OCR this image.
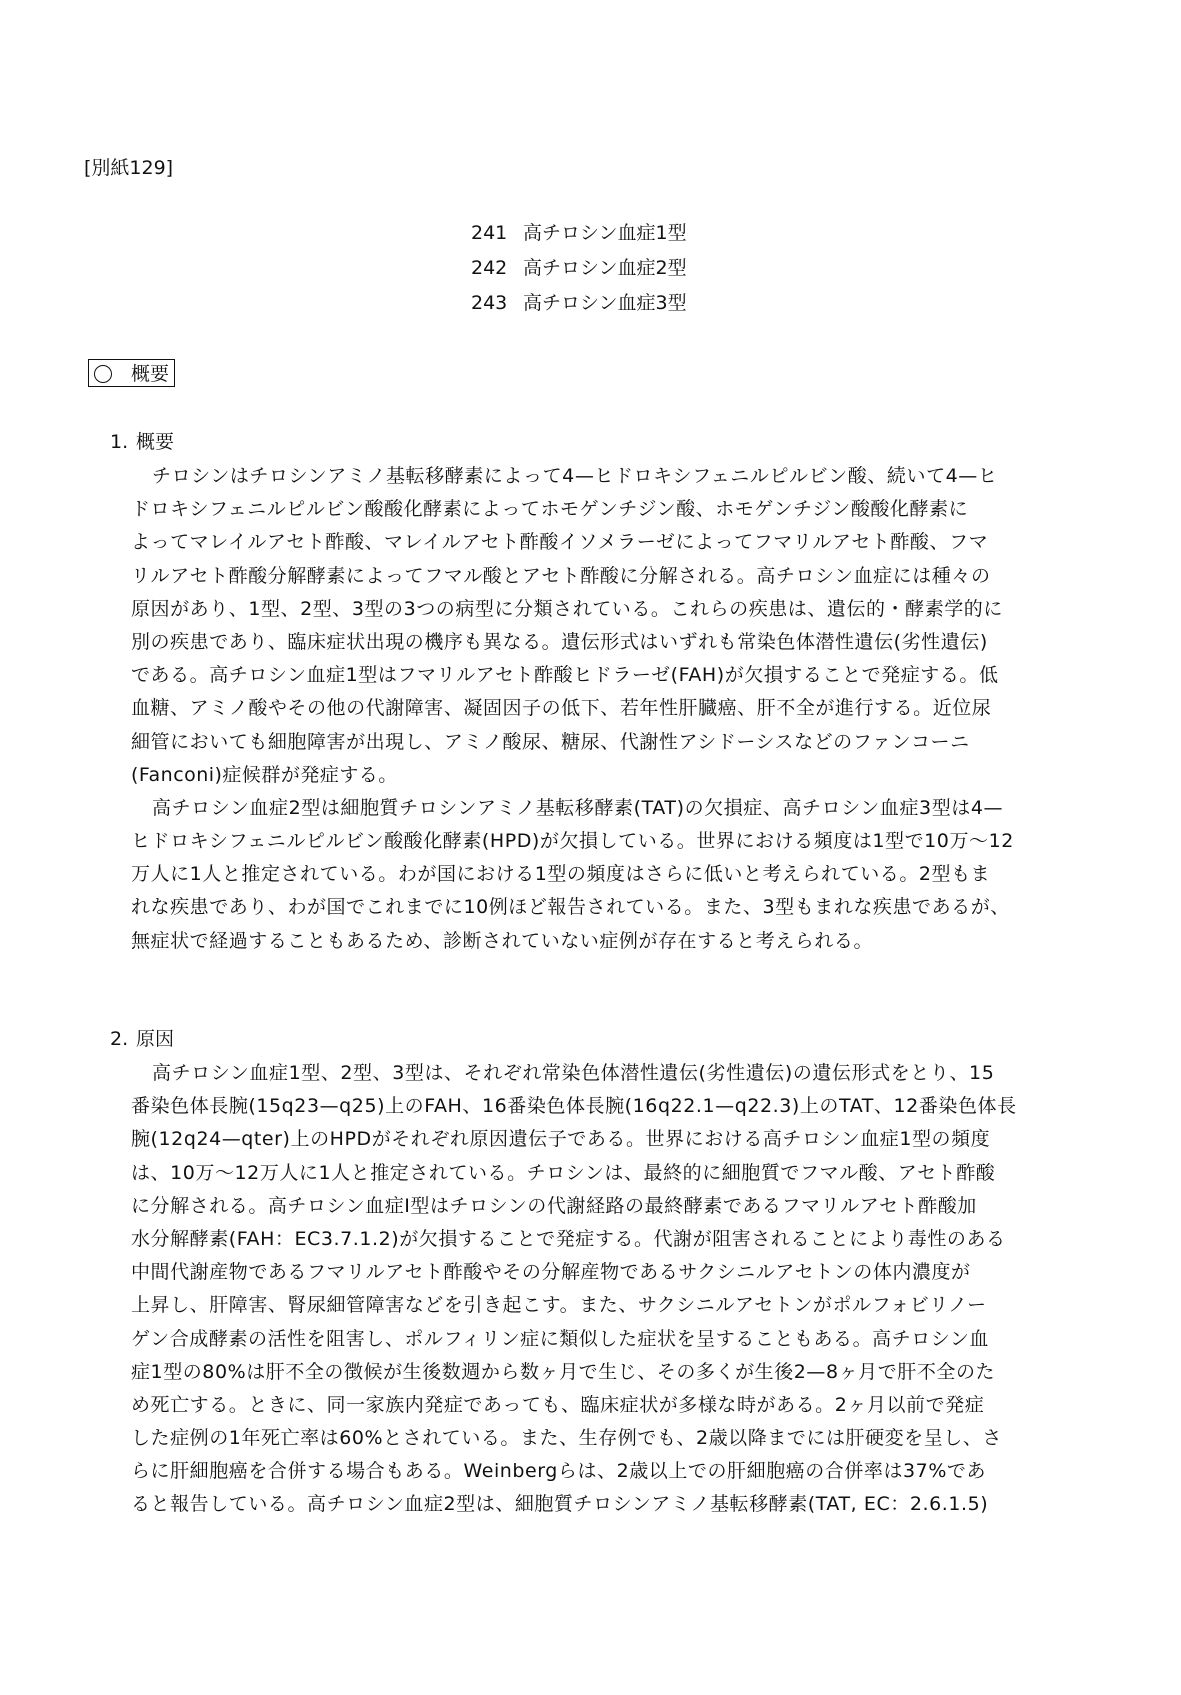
[別紙129]
241 高チロシン血症1型
242 高チロシン血症2型
243 高チロシン血症3型
概要
1. 概要
チロシンはチロシンアミノ基転移酵素によって4—ヒドロキシフェニルピルビン酸、続いて4—ヒ
ドロキシフェニルピルビン酸酸化酵素によってホモゲンチジン酸、ホモゲンチジン酸酸化酵素に
よってマレイルアセト酢酸、マレイルアセト酢酸イソメラーゼによってフマリルアセト酢酸、フマ
リルアセト酢酸分解酵素によってフマル酸とアセト酢酸に分解される。高チロシン血症には種々の
原因があり、1型、2型、3型の3つの病型に分類されている。これらの疾患は、遺伝的・酵素学的に
別の疾患であり、臨床症状出現の機序も異なる。遺伝形式はいずれも常染色体潜性遺伝(劣性遺伝)
である。高チロシン血症1型はフマリルアセト酢酸ヒドラーゼ(FAH)が欠損することで発症する。低
血糖、アミノ酸やその他の代謝障害、凝固因子の低下、若年性肝臓癌、肝不全が進行する。近位尿
細管においても細胞障害が出現し、アミノ酸尿、糖尿、代謝性アシドーシスなどのファンコーニ
(Fanconi)症候群が発症する。
高チロシン血症2型は細胞質チロシンアミノ基転移酵素(TAT)の欠損症、高チロシン血症3型は4—
ヒドロキシフェニルピルビン酸酸化酵素(HPD)が欠損している。世界における頻度は1型で10万〜12
万人に1人と推定されている。わが国における1型の頻度はさらに低いと考えられている。2型もま
れな疾患であり、わが国でこれまでに10例ほど報告されている。また、3型もまれな疾患であるが、
無症状で経過することもあるため、診断されていない症例が存在すると考えられる。
2. 原因
高チロシン血症1型、2型、3型は、それぞれ常染色体潜性遺伝(劣性遺伝)の遺伝形式をとり、15
番染色体長腕(15q23—q25)上のFAH、16番染色体長腕(16q22.1—q22.3)上のTAT、12番染色体長
腕(12q24—qter)上のHPDがそれぞれ原因遺伝子である。世界における高チロシン血症1型の頻度
は、10万〜12万人に1人と推定されている。チロシンは、最終的に細胞質でフマル酸、アセト酢酸
に分解される。高チロシン血症I型はチロシンの代謝経路の最終酵素であるフマリルアセト酢酸加
水分解酵素(FAH：EC3.7.1.2)が欠損することで発症する。代謝が阻害されることにより毒性のある
中間代謝産物であるフマリルアセト酢酸やその分解産物であるサクシニルアセトンの体内濃度が
上昇し、肝障害、腎尿細管障害などを引き起こす。また、サクシニルアセトンがポルフォビリノー
ゲン合成酵素の活性を阻害し、ポルフィリン症に類似した症状を呈することもある。高チロシン血
症1型の80%は肝不全の徴候が生後数週から数ヶ月で生じ、その多くが生後2—8ヶ月で肝不全のた
め死亡する。ときに、同一家族内発症であっても、臨床症状が多様な時がある。2ヶ月以前で発症
した症例の1年死亡率は60%とされている。また、生存例でも、2歳以降までには肝硬変を呈し、さ
らに肝細胞癌を合併する場合もある。Weinbergらは、2歳以上での肝細胞癌の合併率は37%であ
ると報告している。高チロシン血症2型は、細胞質チロシンアミノ基転移酵素(TAT, EC：2.6.1.5)
